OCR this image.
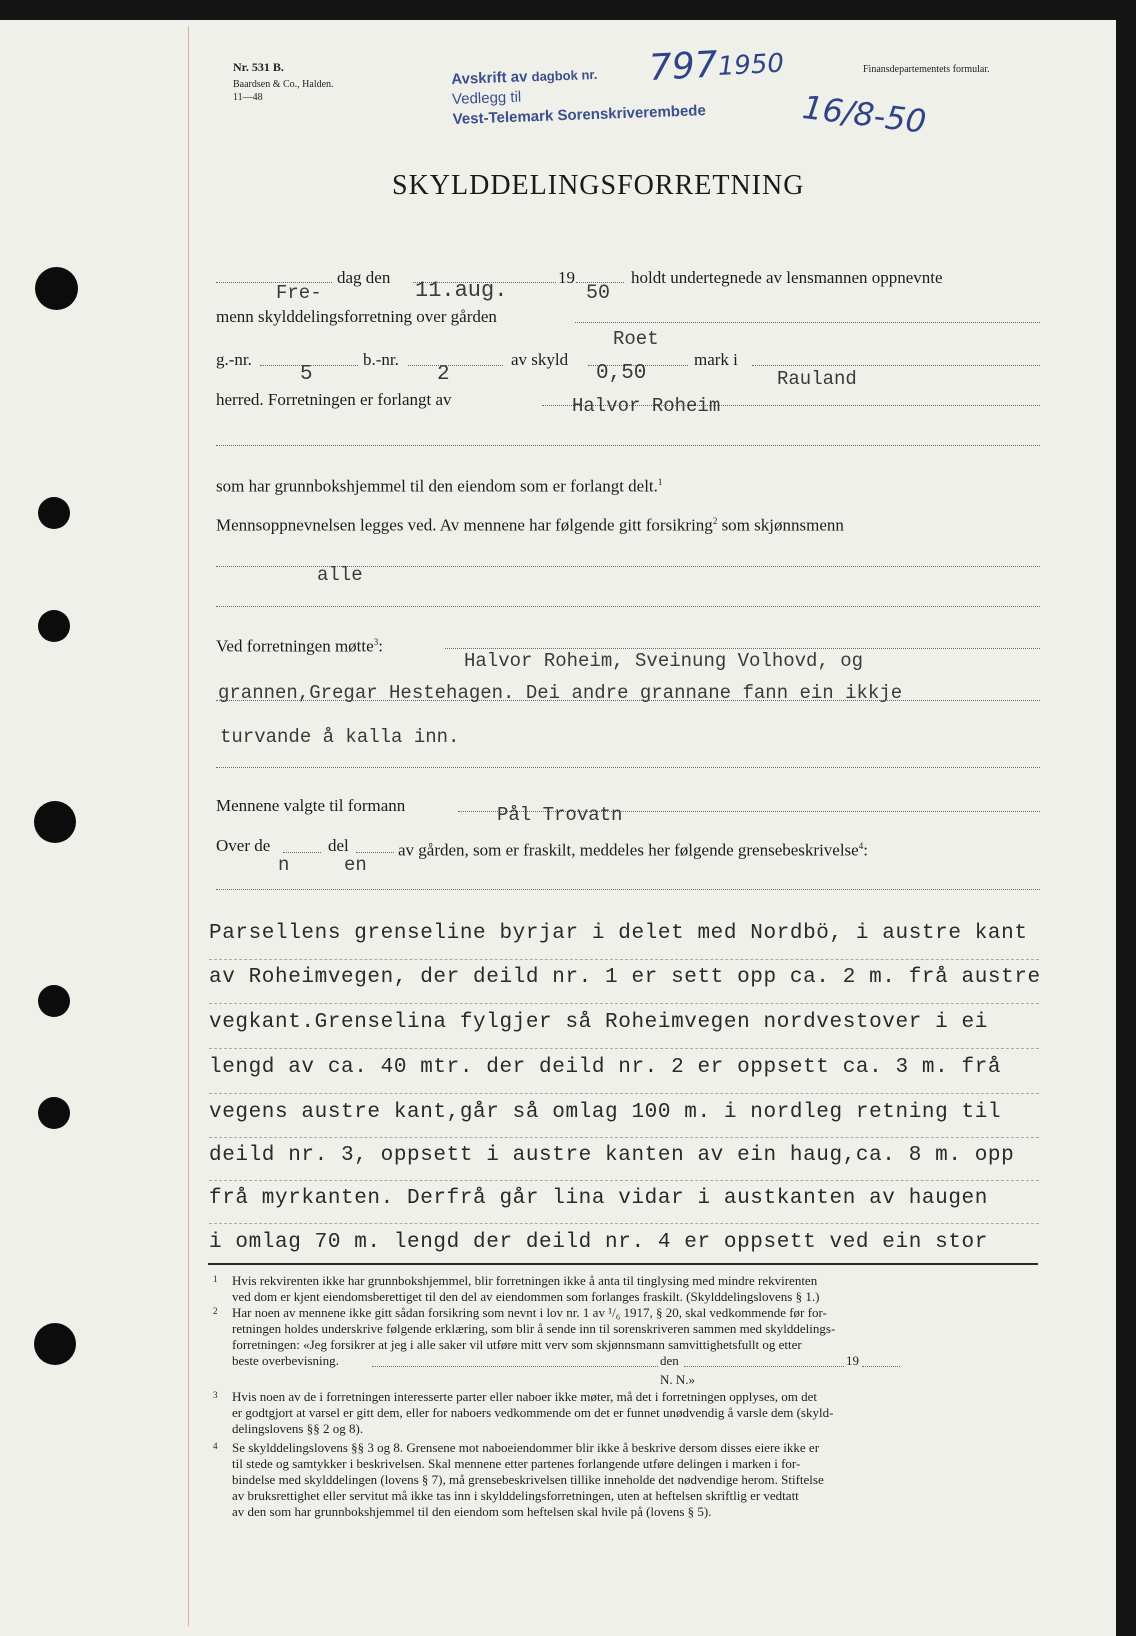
Nr. 531 B.
Baardsen & Co., Halden.
11—48
Finansdepartementets formular.
Avskrift av dagbok nr.
Vedlegg til
Vest-Telemark Sorenskriverembede
797
1950
16/8-50
SKYLDDELINGSFORRETNING
Fre-
dag den
11.aug.
19
50
holdt undertegnede av lensmannen oppnevnte
menn skylddelingsforretning over gården
Roet
g.-nr.
5
b.-nr.
2
av skyld
0,50
mark i
Rauland
herred. Forretningen er forlangt av	Halvor Roheim
som har grunnbokshjemmel til den eiendom som er forlangt delt.$^1$
Mennsoppnevnelsen legges ved. Av mennene har følgende gitt forsikring$^2$ som skjønnsmenn
alle
Ved forretningen møtte$^3$:
Halvor Roheim, Sveinung Volhovd, og
grannen,Gregar Hestehagen. Dei andre grannane fann ein ikkje
turvande å kalla inn.
Mennene valgte til formann	Pål Trovatn
Over de
n
del
en
av gården, som er fraskilt, meddeles her følgende grensebeskrivelse$^4$:
Parsellens grenseline byrjar i delet med Nordbö, i austre kant
av Roheimvegen, der deild nr. 1 er sett opp ca. 2 m. frå austre
vegkant.Grenselina fylgjer så Roheimvegen nordvestover i ei
lengd av ca. 40 mtr. der deild nr. 2 er oppsett ca. 3 m. frå
vegens austre kant,går så omlag 100 m. i nordleg retning til
deild nr. 3, oppsett i austre kanten av ein haug,ca. 8 m. opp
frå myrkanten. Derfrå går lina vidar i austkanten av haugen
i omlag 70 m. lengd der deild nr. 4 er oppsett ved ein stor
1 Hvis rekvirenten ikke har grunnbokshjemmel, blir forretningen ikke å anta til tinglysing med mindre rekvirenten
ved dom er kjent eiendomsberettiget til den del av eiendommen som forlanges fraskilt. (Skylddelingslovens § 1.)
2 Har noen av mennene ikke gitt sådan forsikring som nevnt i lov nr. 1 av ¹/₆ 1917, § 20, skal vedkommende før for-
retningen holdes underskrive følgende erklæring, som blir å sende inn til sorenskriveren sammen med skylddelings-
forretningen: «Jeg forsikrer at jeg i alle saker vil utføre mitt verv som skjønnsmann samvittighetsfullt og etter
beste overbevisning.	den	19
N. N.»
3 Hvis noen av de i forretningen interesserte parter eller naboer ikke møter, må det i forretningen opplyses, om det
er godtgjort at varsel er gitt dem, eller for naboers vedkommende om det er funnet unødvendig å varsle dem (skyld-
delingslovens §§ 2 og 8).
4 Se skylddelingslovens §§ 3 og 8. Grensene mot naboeiendommer blir ikke å beskrive dersom disses eiere ikke er
til stede og samtykker i beskrivelsen. Skal mennene etter partenes forlangende utføre delingen i marken i for-
bindelse med skylddelingen (lovens § 7), må grensebeskrivelsen tillike inneholde det nødvendige herom. Stiftelse
av bruksrettighet eller servitut må ikke tas inn i skylddelingsforretningen, uten at heftelsen skriftlig er vedtatt
av den som har grunnbokshjemmel til den eiendom som heftelsen skal hvile på (lovens § 5).
